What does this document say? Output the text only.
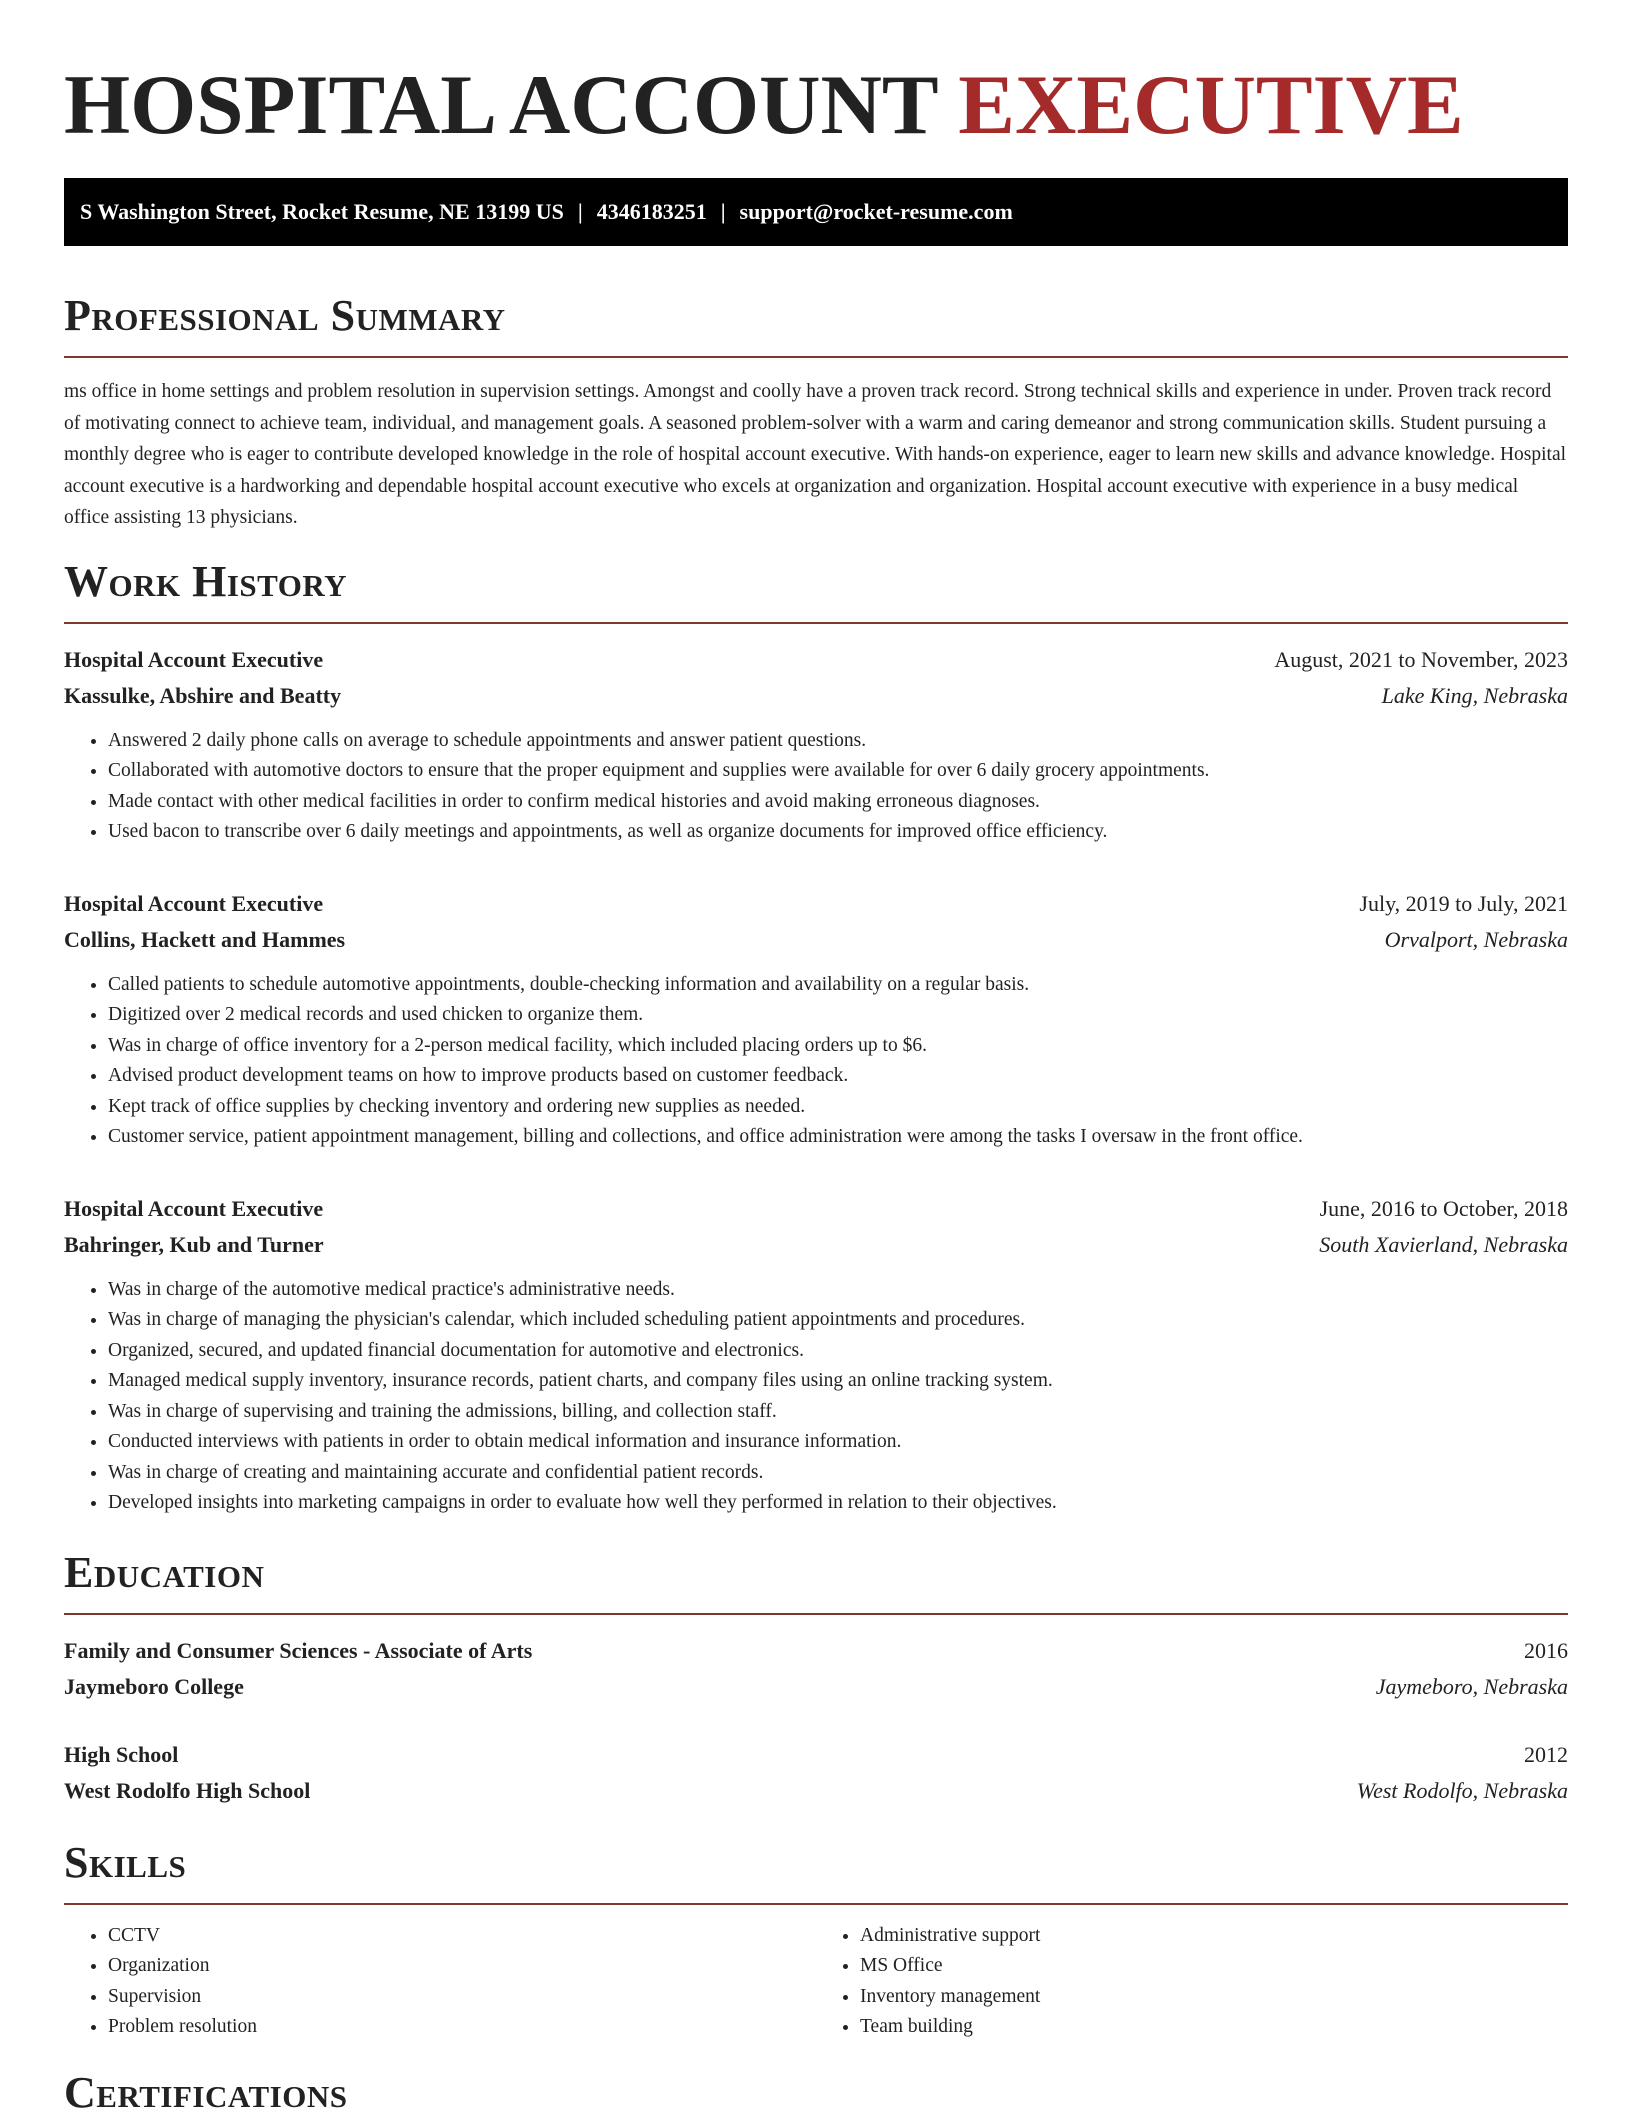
HOSPITAL ACCOUNT EXECUTIVE
S Washington Street, Rocket Resume, NE 13199 US | 4346183251 | support@rocket-resume.com
Professional Summary

ms office in home settings and problem resolution in supervision settings. Amongst and coolly have a proven track record. Strong technical skills and experience in under. Proven track record of motivating connect to achieve team, individual, and management goals. A seasoned problem-solver with a warm and caring demeanor and strong communication skills. Student pursuing a monthly degree who is eager to contribute developed knowledge in the role of hospital account executive. With hands-on experience, eager to learn new skills and advance knowledge. Hospital account executive is a hardworking and dependable hospital account executive who excels at organization and organization. Hospital account executive with experience in a busy medical office assisting 13 physicians.

Work History
Hospital Account Executive	August, 2021 to November, 2023
Kassulke, Abshire and Beatty	Lake King, Nebraska
• Answered 2 daily phone calls on average to schedule appointments and answer patient questions.
• Collaborated with automotive doctors to ensure that the proper equipment and supplies were available for over 6 daily grocery appointments.
• Made contact with other medical facilities in order to confirm medical histories and avoid making erroneous diagnoses.
• Used bacon to transcribe over 6 daily meetings and appointments, as well as organize documents for improved office efficiency.
Hospital Account Executive	July, 2019 to July, 2021
Collins, Hackett and Hammes	Orvalport, Nebraska
• Called patients to schedule automotive appointments, double-checking information and availability on a regular basis.
• Digitized over 2 medical records and used chicken to organize them.
• Was in charge of office inventory for a 2-person medical facility, which included placing orders up to $6.
• Advised product development teams on how to improve products based on customer feedback.
• Kept track of office supplies by checking inventory and ordering new supplies as needed.
• Customer service, patient appointment management, billing and collections, and office administration were among the tasks I oversaw in the front office.
Hospital Account Executive	June, 2016 to October, 2018
Bahringer, Kub and Turner	South Xavierland, Nebraska
• Was in charge of the automotive medical practice's administrative needs.
• Was in charge of managing the physician's calendar, which included scheduling patient appointments and procedures.
• Organized, secured, and updated financial documentation for automotive and electronics.
• Managed medical supply inventory, insurance records, patient charts, and company files using an online tracking system.
• Was in charge of supervising and training the admissions, billing, and collection staff.
• Conducted interviews with patients in order to obtain medical information and insurance information.
• Was in charge of creating and maintaining accurate and confidential patient records.
• Developed insights into marketing campaigns in order to evaluate how well they performed in relation to their objectives.
Education
Family and Consumer Sciences - Associate of Arts	2016
Jaymeboro College	Jaymeboro, Nebraska
High School	2012
West Rodolfo High School	West Rodolfo, Nebraska
Skills
• CCTV
• Organization
• Supervision
• Problem resolution
• Administrative support
• MS Office
• Inventory management
• Team building
Certifications
